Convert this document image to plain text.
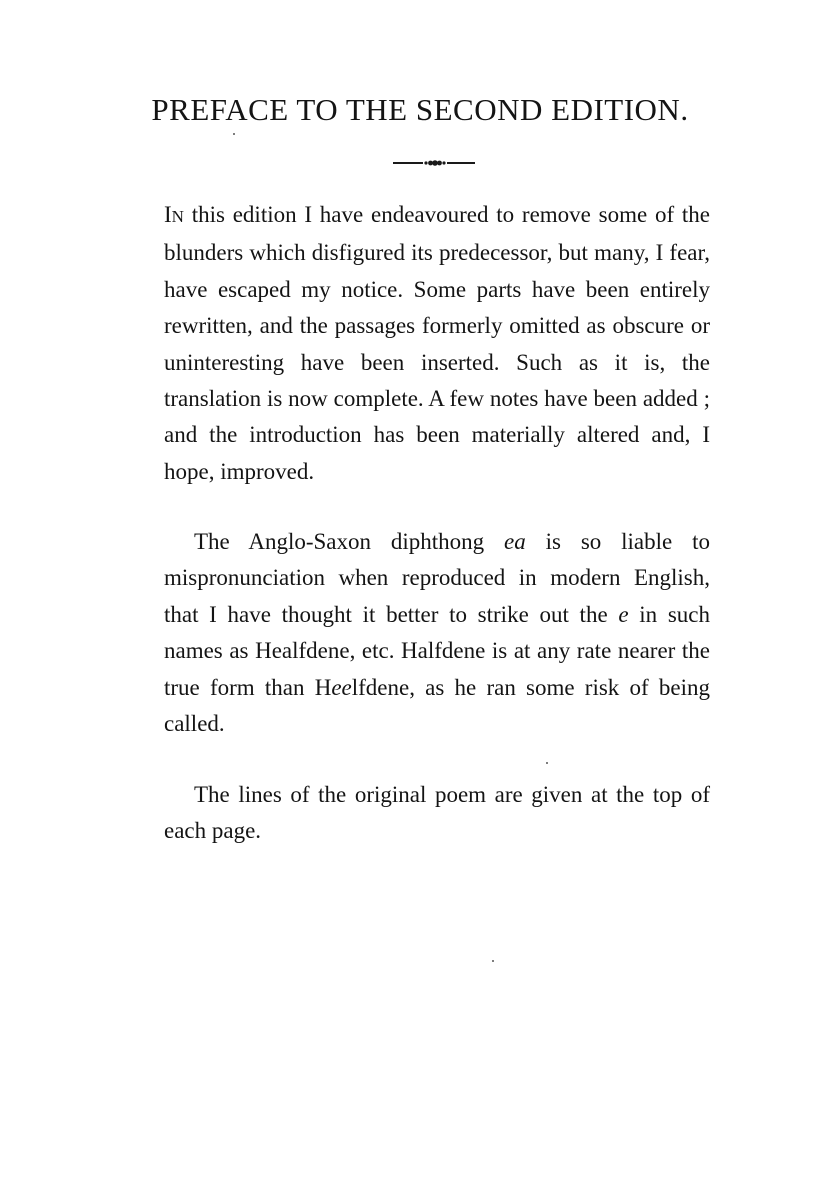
PREFACE TO THE SECOND EDITION.

IN this edition I have endeavoured to remove some of the blunders which disfigured its predecessor, but many, I fear, have escaped my notice. Some parts have been entirely rewritten, and the passages formerly omitted as obscure or uninteresting have been inserted. Such as it is, the translation is now complete. A few notes have been added ; and the introduction has been materially altered and, I hope, improved.

The Anglo-Saxon diphthong ea is so liable to mispronunciation when reproduced in modern English, that I have thought it better to strike out the e in such names as Healfdene, etc. Halfdene is at any rate nearer the true form than Heelfdene, as he ran some risk of being called.

The lines of the original poem are given at the top of each page.
